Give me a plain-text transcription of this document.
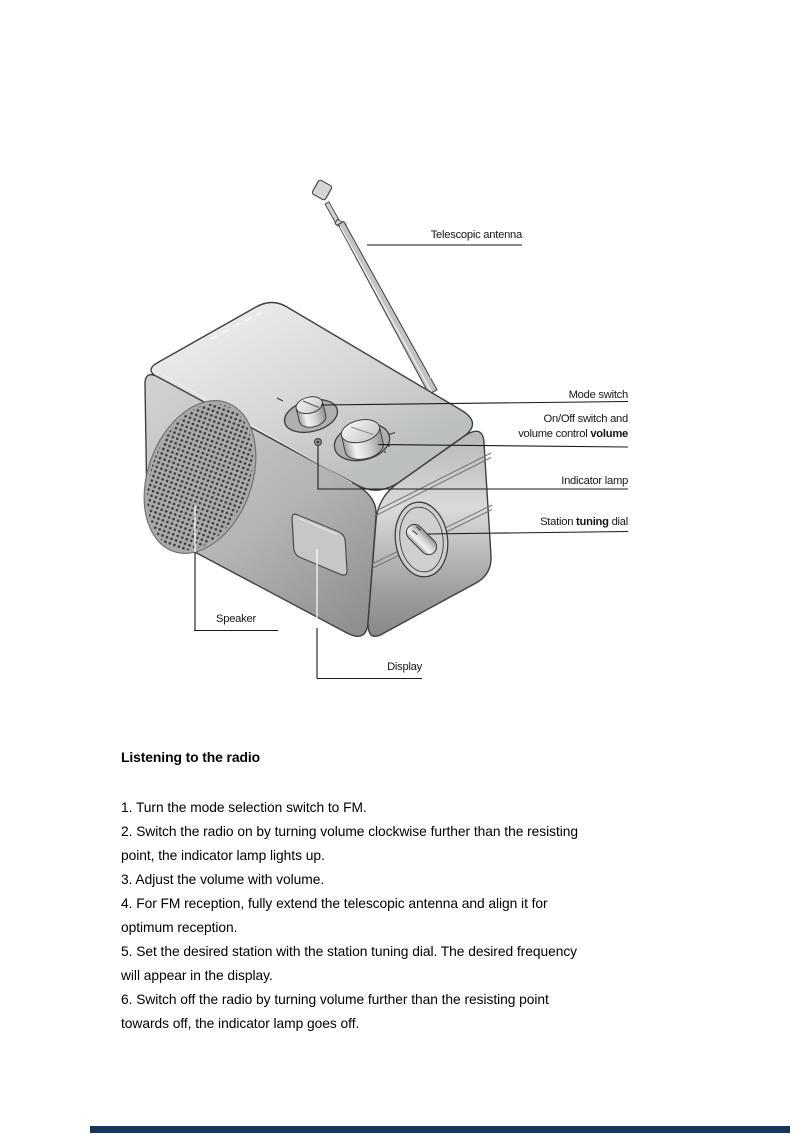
Telescopic antenna
Mode switch
On/Off switch and
volume control volume
Indicator lamp
Station tuning dial
Speaker
Display
Listening to the radio
1. Turn the mode selection switch to FM.
2. Switch the radio on by turning volume clockwise further than the resisting
point, the indicator lamp lights up.
3. Adjust the volume with volume.
4. For FM reception, fully extend the telescopic antenna and align it for
optimum reception.
5. Set the desired station with the station tuning dial. The desired frequency
will appear in the display.
6. Switch off the radio by turning volume further than the resisting point
towards off, the indicator lamp goes off.
